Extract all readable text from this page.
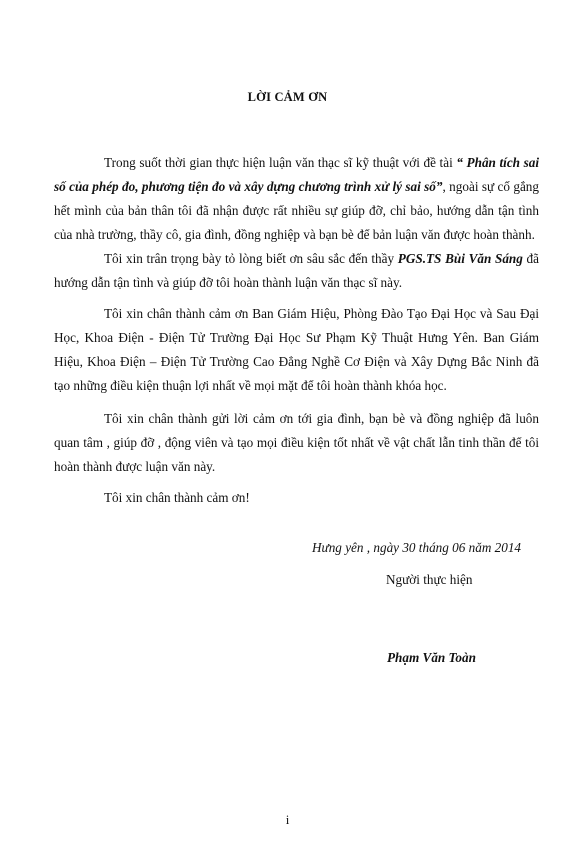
LỜI CẢM ƠN

Trong suốt thời gian thực hiện luận văn thạc sĩ kỹ thuật với đề tài “ Phân tích sai số của phép đo, phương tiện đo và xây dựng chương trình xử lý sai số”, ngoài sự cố gắng hết mình của bản thân tôi đã nhận được rất nhiều sự giúp đỡ, chỉ bảo, hướng dẫn tận tình của nhà trường, thầy cô, gia đình, đồng nghiệp và bạn bè để bản luận văn được hoàn thành.

Tôi xin trân trọng bày tỏ lòng biết ơn sâu sắc đến thầy PGS.TS Bùi Văn Sáng đã hướng dẫn tận tình và giúp đỡ tôi hoàn thành luận văn thạc sĩ này.

Tôi xin chân thành cảm ơn Ban Giám Hiệu, Phòng Đào Tạo Đại Học và Sau Đại Học, Khoa Điện - Điện Tử Trường Đại Học Sư Phạm Kỹ Thuật Hưng Yên. Ban Giám Hiệu, Khoa Điện – Điện Tử Trường Cao Đẳng Nghề Cơ Điện và Xây Dựng Bắc Ninh đã tạo những điều kiện thuận lợi nhất về mọi mặt để tôi hoàn thành khóa học.

Tôi xin chân thành gửi lời cảm ơn tới gia đình, bạn bè và đồng nghiệp đã luôn quan tâm , giúp đỡ , động viên và tạo mọi điều kiện tốt nhất về vật chất lẫn tinh thần để tôi hoàn thành được luận văn này.

Tôi xin chân thành cảm ơn!

Hưng yên , ngày 30 tháng 06 năm 2014
Người thực hiện
Phạm Văn Toàn
i
